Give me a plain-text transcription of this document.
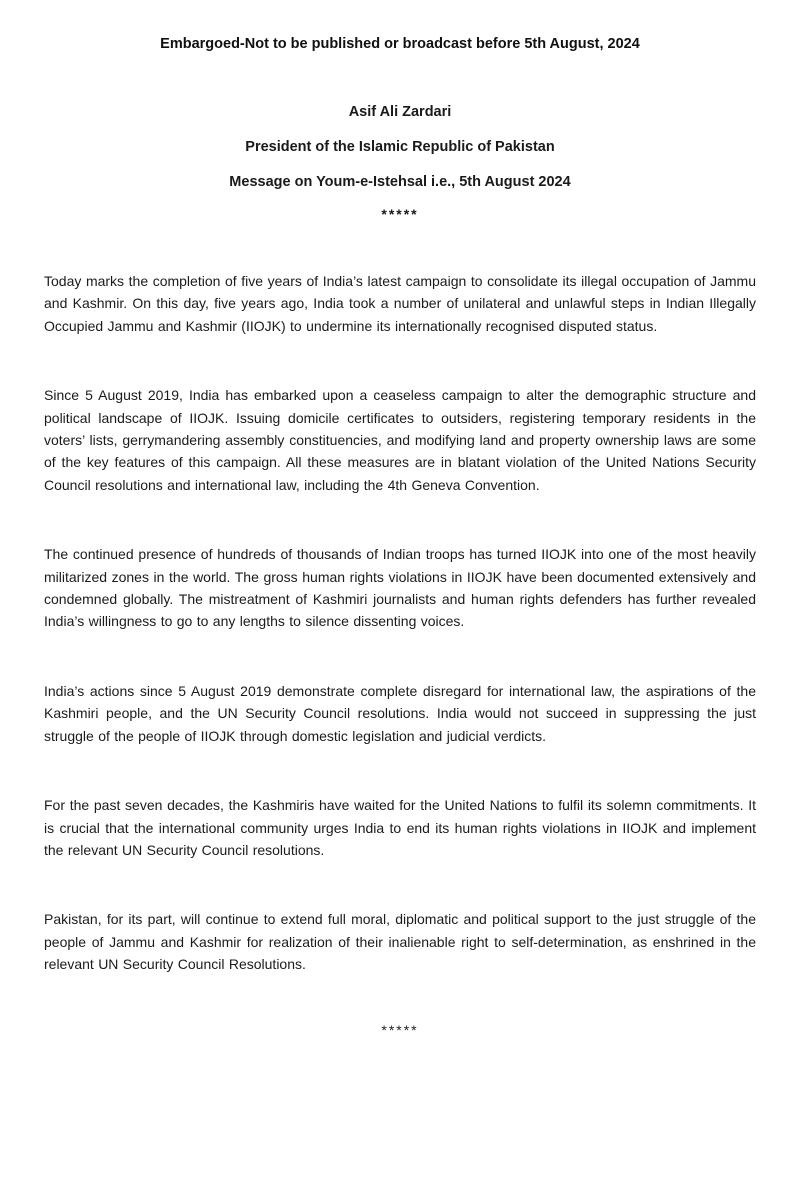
Embargoed-Not to be published or broadcast before 5th August, 2024
Asif Ali Zardari
President of the Islamic Republic of Pakistan
Message on Youm-e-Istehsal i.e., 5th August 2024
*****

Today marks the completion of five years of India’s latest campaign to consolidate its illegal occupation of Jammu and Kashmir. On this day, five years ago, India took a number of unilateral and unlawful steps in Indian Illegally Occupied Jammu and Kashmir (IIOJK) to undermine its internationally recognised disputed status.

Since 5 August 2019, India has embarked upon a ceaseless campaign to alter the demographic structure and political landscape of IIOJK. Issuing domicile certificates to outsiders, registering temporary residents in the voters’ lists, gerrymandering assembly constituencies, and modifying land and property ownership laws are some of the key features of this campaign. All these measures are in blatant violation of the United Nations Security Council resolutions and international law, including the 4th Geneva Convention.

The continued presence of hundreds of thousands of Indian troops has turned IIOJK into one of the most heavily militarized zones in the world. The gross human rights violations in IIOJK have been documented extensively and condemned globally. The mistreatment of Kashmiri journalists and human rights defenders has further revealed India’s willingness to go to any lengths to silence dissenting voices.

India’s actions since 5 August 2019 demonstrate complete disregard for international law, the aspirations of the Kashmiri people, and the UN Security Council resolutions. India would not succeed in suppressing the just struggle of the people of IIOJK through domestic legislation and judicial verdicts.

For the past seven decades, the Kashmiris have waited for the United Nations to fulfil its solemn commitments. It is crucial that the international community urges India to end its human rights violations in IIOJK and implement the relevant UN Security Council resolutions.

Pakistan, for its part, will continue to extend full moral, diplomatic and political support to the just struggle of the people of Jammu and Kashmir for realization of their inalienable right to self-determination, as enshrined in the relevant UN Security Council Resolutions.

*****
